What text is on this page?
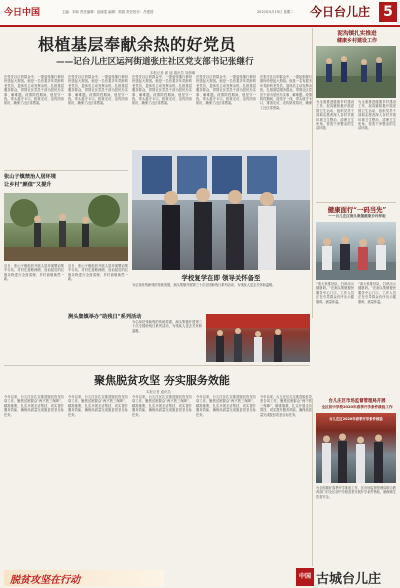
今日中国	主编：刘伟 责任编辑：赵晓雯 编辑：郭凯 责任校对：吕建国	2020年5月19日 星期二 今日台儿庄 5
根植基层奉献余热的好党员
——记台儿庄区运河街道张庄社区党支部书记张继行
本报记者 翟 丽 通讯员 刘晨曦
在张庄社区的群众中，一提起张继行都纷纷竖起大拇指。他是一名有着多年党龄的老党员，退休后主动发挥余热，扎根基层服务群众，带领社区党员干部为居民办实事、解难题。疫情防控期间，他坚守一线，带头值守卡口，排查走访，宣传防疫知识，确保了社区零感染。
在张庄社区的群众中，一提起张继行都纷纷竖起大拇指。他是一名有着多年党龄的老党员，退休后主动发挥余热，扎根基层服务群众，带领社区党员干部为居民办实事、解难题。疫情防控期间，他坚守一线，带头值守卡口，排查走访，宣传防疫知识，确保了社区零感染。
在张庄社区的群众中，一提起张继行都纷纷竖起大拇指。他是一名有着多年党龄的老党员，退休后主动发挥余热，扎根基层服务群众，带领社区党员干部为居民办实事、解难题。疫情防控期间，他坚守一线，带头值守卡口，排查走访，宣传防疫知识，确保了社区零感染。
在张庄社区的群众中，一提起张继行都纷纷竖起大拇指。他是一名有着多年党龄的老党员，退休后主动发挥余热，扎根基层服务群众，带领社区党员干部为居民办实事、解难题。疫情防控期间，他坚守一线，带头值守卡口，排查走访，宣传防疫知识，确保了社区零感染。
在张庄社区的群众中，一提起张继行都纷纷竖起大拇指。他是一名有着多年党龄的老党员，退休后主动发挥余热，扎根基层服务群众，带领社区党员干部为居民办实事、解难题。疫情防控期间，他坚守一线，带头值守卡口，排查走访，宣传防疫知识，确保了社区零感染。
泥沟镇扎实推进
健康乡村建设工作
为全面推进健康乡村建设工作，泥沟镇积极开展爱国卫生运动，组织党员干部和志愿者深入各村开展环境卫生整治，清理卫生死角，营造干净整洁的生活环境。
为全面推进健康乡村建设工作，泥沟镇积极开展爱国卫生运动，组织党员干部和志愿者深入各村开展环境卫生整治，清理卫生死角，营造干净整洁的生活环境。
健康面行“一码当先”
——台儿庄区涧头集镇健康乡村样板
“请大家排好队，扫码出示健康码。”在涧头集镇便民服务中心门口，工作人员正在引导群众有序出示健康码，测量体温。
“请大家排好队，扫码出示健康码。”在涧头集镇便民服务中心门口，工作人员正在引导群众有序出示健康码，测量体温。
张山子镇禁治人居环境
让乡村“颜值”又提升
近日，张山子镇组织开展人居环境整治集中行动，对村庄道路两侧、房前屋后的垃圾杂物进行全面清理，乡村面貌焕然一新。
近日，张山子镇组织开展人居环境整治集中行动，对村庄道路两侧、房前屋后的垃圾杂物进行全面清理，乡村面貌焕然一新。	学校复学在即 领导关怀备至
为弘扬扶残助残的传统美德，涧头集镇开展第三十次全国助残日系列活动，为残疾人送去关怀和温暖。
涧头集镇举办“助残日”系列活动
为弘扬扶残助残的传统美德，涧头集镇开展第三十次全国助残日系列活动，为残疾人送去关怀和温暖。
聚焦脱贫攻坚 夯实服务效能
本报记者 通讯员
今年以来，台儿庄区扎实推进脱贫攻坚各项工作，聚焦贫困群众“两不愁三保障”，精准施策，扎实开展走访帮扶，切实提升服务效能，确保高质量完成脱贫攻坚目标任务。
今年以来，台儿庄区扎实推进脱贫攻坚各项工作，聚焦贫困群众“两不愁三保障”，精准施策，扎实开展走访帮扶，切实提升服务效能，确保高质量完成脱贫攻坚目标任务。
今年以来，台儿庄区扎实推进脱贫攻坚各项工作，聚焦贫困群众“两不愁三保障”，精准施策，扎实开展走访帮扶，切实提升服务效能，确保高质量完成脱贫攻坚目标任务。
今年以来，台儿庄区扎实推进脱贫攻坚各项工作，聚焦贫困群众“两不愁三保障”，精准施策，扎实开展走访帮扶，切实提升服务效能，确保高质量完成脱贫攻坚目标任务。
今年以来，台儿庄区扎实推进脱贫攻坚各项工作，聚焦贫困群众“两不愁三保障”，精准施策，扎实开展走访帮扶，切实提升服务效能，确保高质量完成脱贫攻坚目标任务。
脱贫攻坚在行动
台儿庄区市场监督管理局开展
全区初中学校2020年春季开学条件核验工作
台儿庄区2020年春季开学条件核验
为全面做好春季开学准备工作，区市场监督管理局联合教育部门对全区初中学校食堂开展开学条件核验，确保师生饮食安全。
中国 古城台儿庄
